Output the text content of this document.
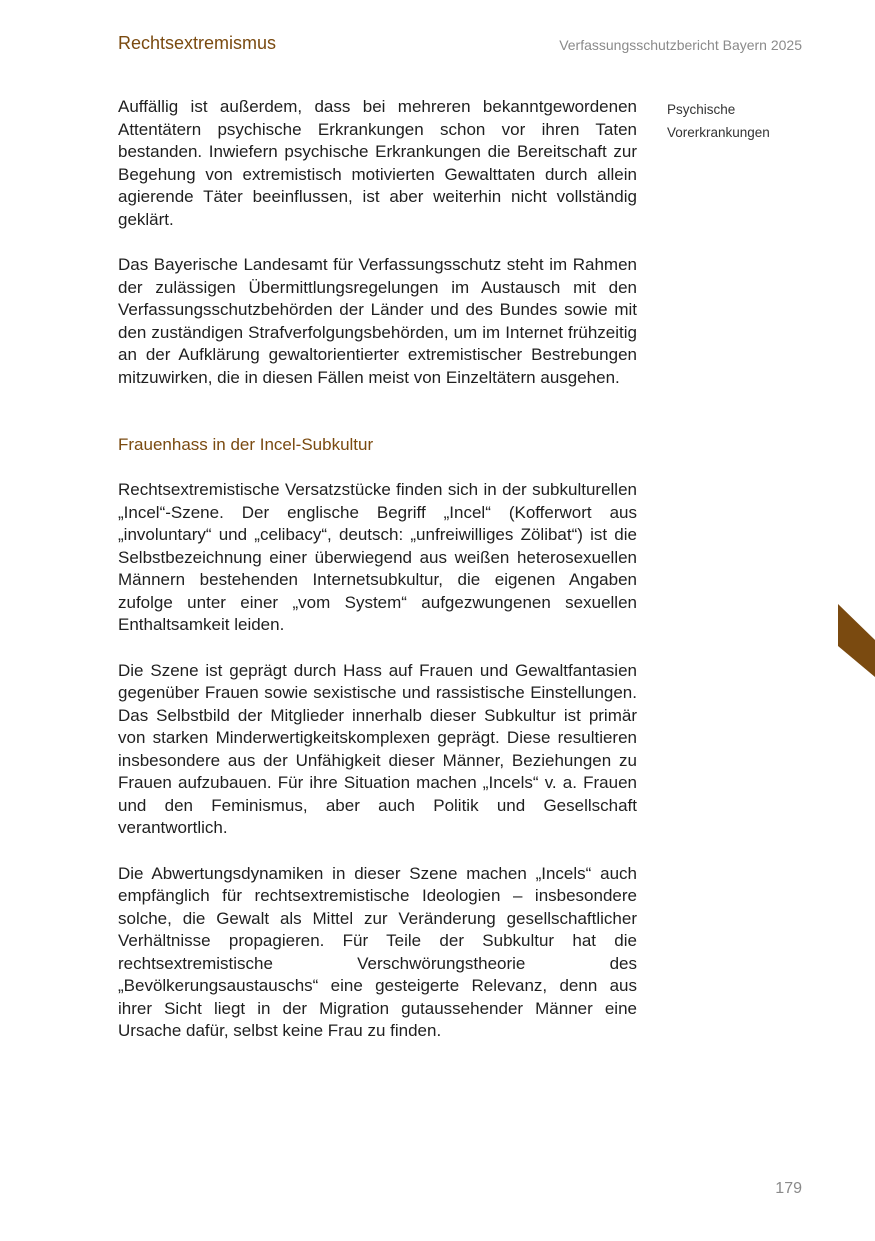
Rechtsextremismus	Verfassungsschutzbericht Bayern 2025
Psychische
Vorerkrankungen

Auffällig ist außerdem, dass bei mehreren bekanntgewordenen Attentätern psychische Erkrankungen schon vor ihren Taten bestanden. Inwiefern psychische Erkrankungen die Bereitschaft zur Begehung von extremistisch motivierten Gewalttaten durch allein agierende Täter beeinflussen, ist aber weiterhin nicht vollständig geklärt.

Das Bayerische Landesamt für Verfassungsschutz steht im Rahmen der zulässigen Übermittlungsregelungen im Austausch mit den Verfassungsschutzbehörden der Länder und des Bundes sowie mit den zuständigen Strafverfolgungsbehörden, um im Internet frühzeitig an der Aufklärung gewaltorientierter extremistischer Bestrebungen mitzuwirken, die in diesen Fällen meist von Einzeltätern ausgehen.

Frauenhass in der Incel-Subkultur

Rechtsextremistische Versatzstücke finden sich in der subkulturellen „Incel“-Szene. Der englische Begriff „Incel“ (Kofferwort aus „involuntary“ und „celibacy“, deutsch: „unfreiwilliges Zölibat“) ist die Selbstbezeichnung einer überwiegend aus weißen heterosexuellen Männern bestehenden Internetsubkultur, die eigenen Angaben zufolge unter einer „vom System“ aufgezwungenen sexuellen Enthaltsamkeit leiden.

Die Szene ist geprägt durch Hass auf Frauen und Gewaltfantasien gegenüber Frauen sowie sexistische und rassistische Einstellungen. Das Selbstbild der Mitglieder innerhalb dieser Subkultur ist primär von starken Minderwertigkeitskomplexen geprägt. Diese resultieren insbesondere aus der Unfähigkeit dieser Männer, Beziehungen zu Frauen aufzubauen. Für ihre Situation machen „Incels“ v. a. Frauen und den Feminismus, aber auch Politik und Gesellschaft verantwortlich.

Die Abwertungsdynamiken in dieser Szene machen „Incels“ auch empfänglich für rechtsextremistische Ideologien – insbesondere solche, die Gewalt als Mittel zur Veränderung gesellschaftlicher Verhältnisse propagieren. Für Teile der Subkultur hat die rechtsextremistische Verschwörungstheorie des „Bevölkerungsaustauschs“ eine gesteigerte Relevanz, denn aus ihrer Sicht liegt in der Migration gutaussehender Männer eine Ursache dafür, selbst keine Frau zu finden.

179
